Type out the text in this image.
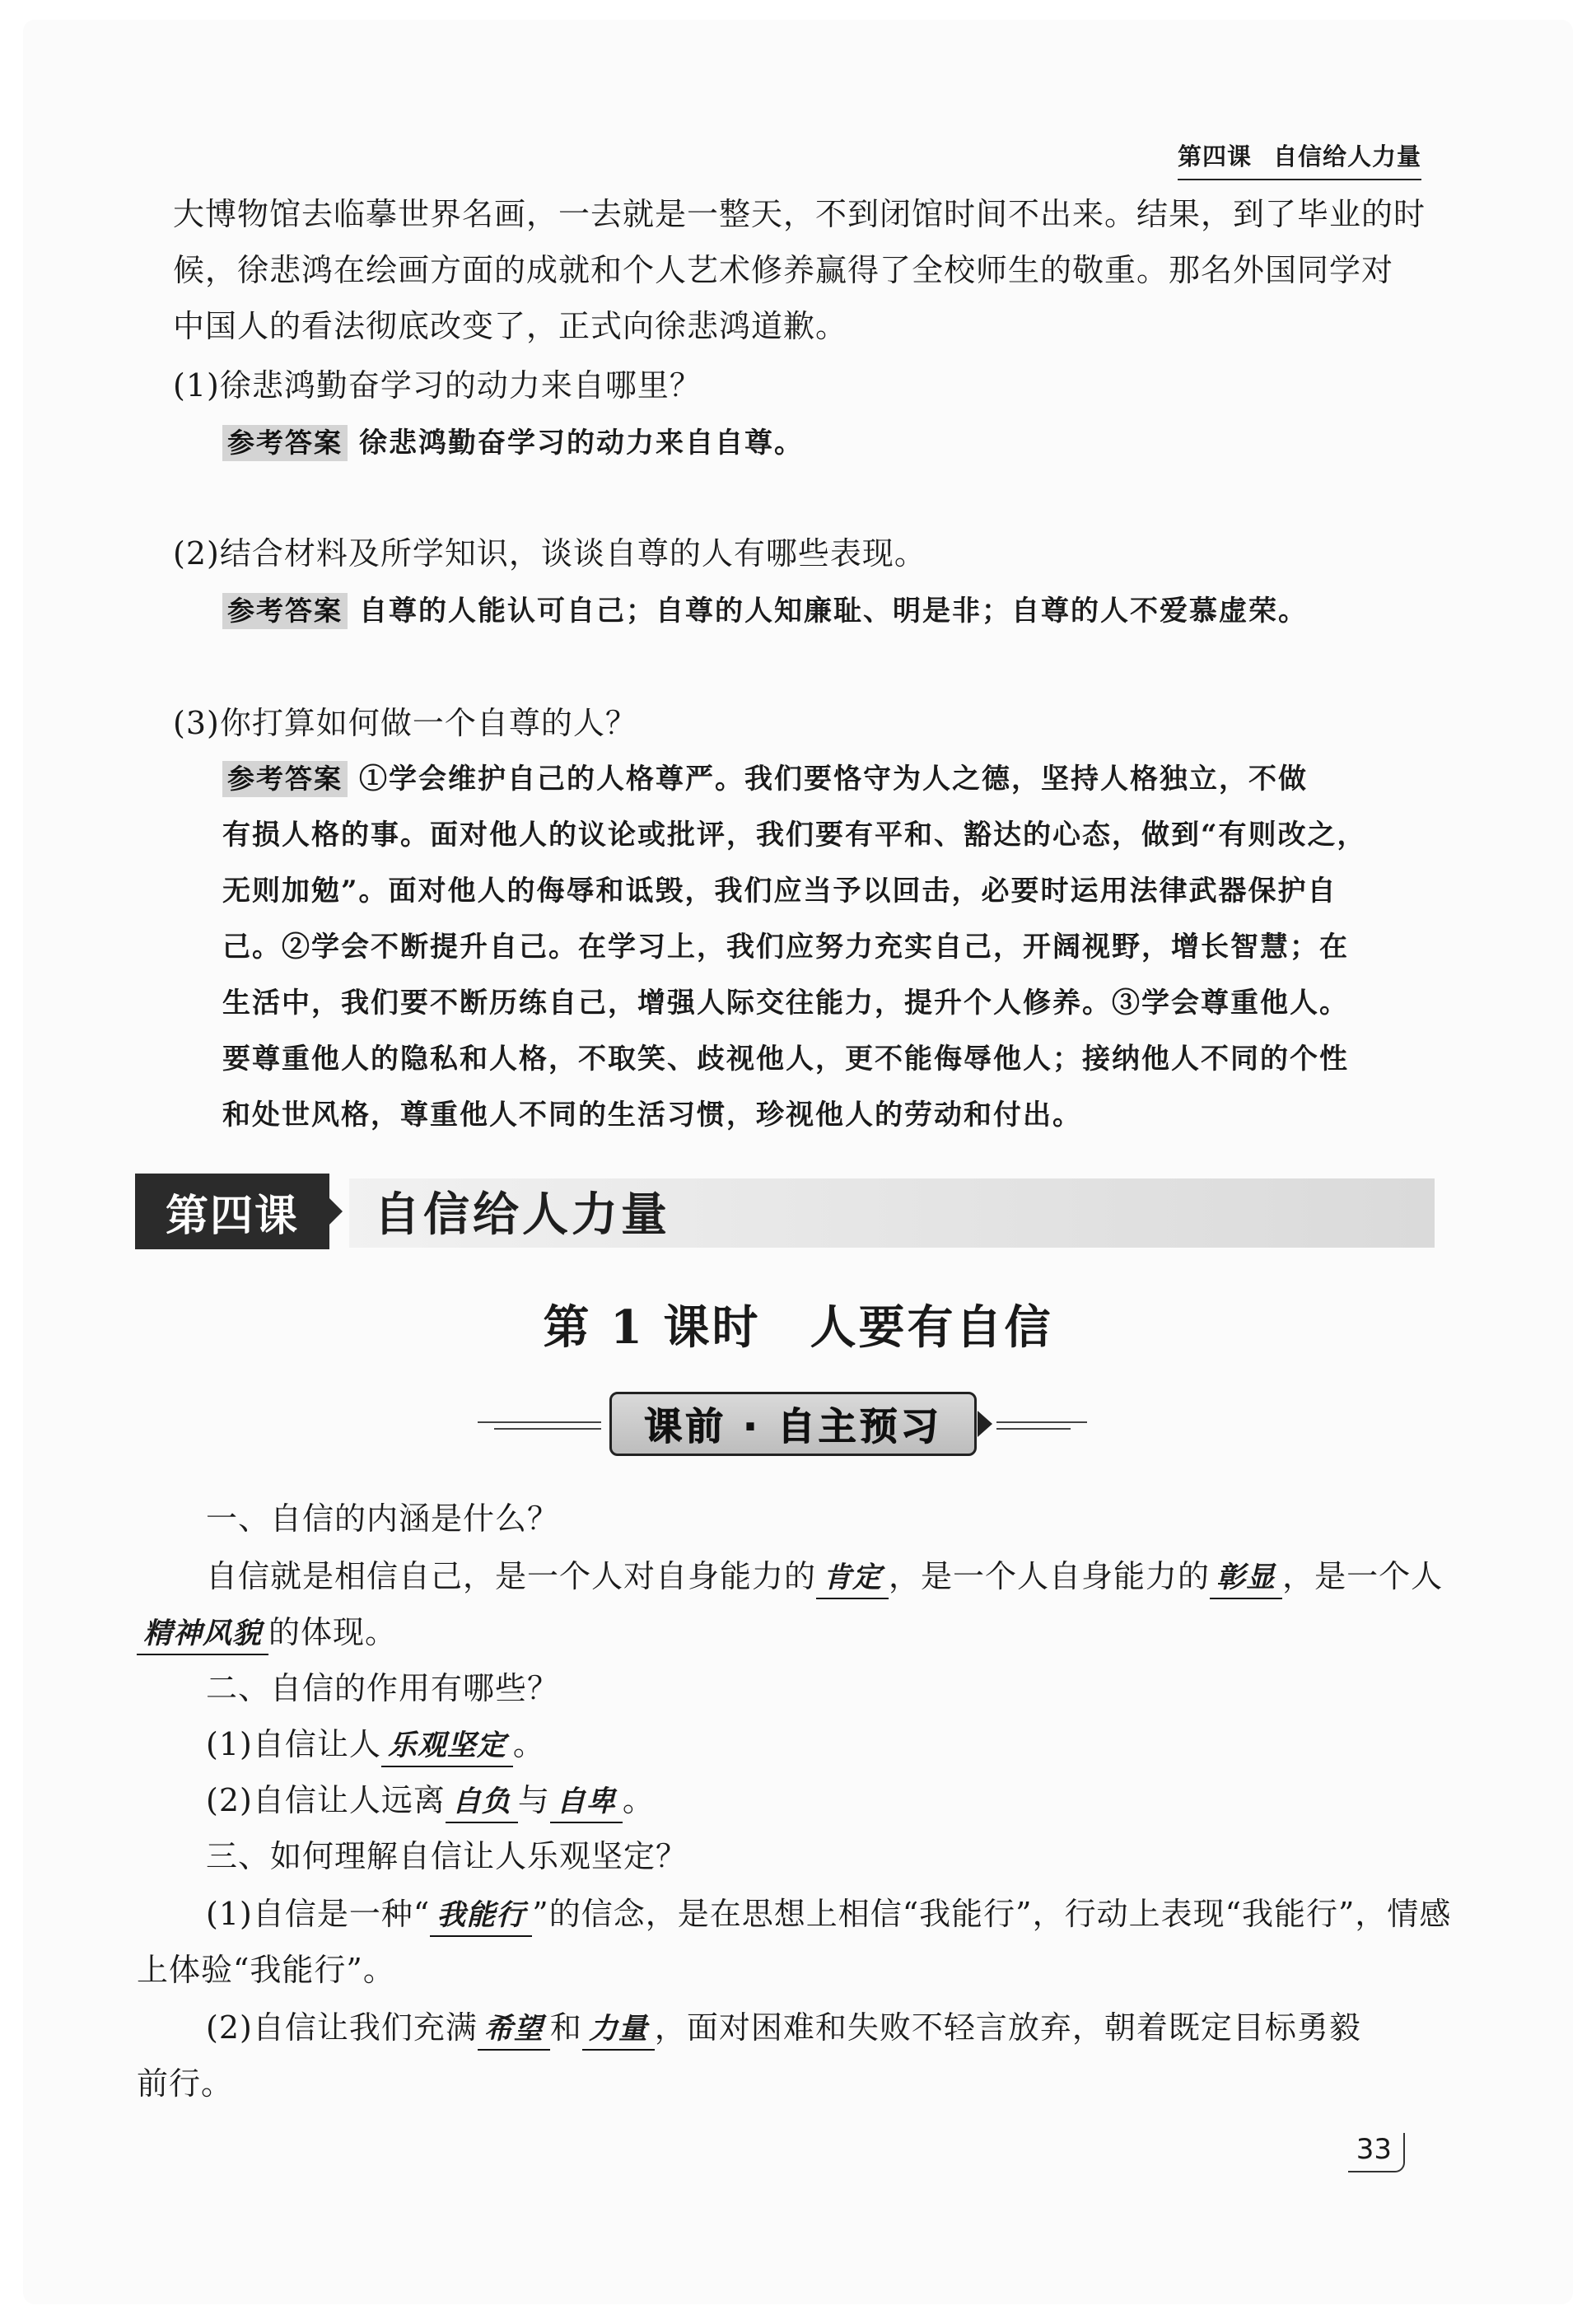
第四课 自信给人力量
大博物馆去临摹世界名画，一去就是一整天，不到闭馆时间不出来。结果，到了毕业的时
候，徐悲鸿在绘画方面的成就和个人艺术修养赢得了全校师生的敬重。那名外国同学对
中国人的看法彻底改变了，正式向徐悲鸿道歉。
(1)徐悲鸿勤奋学习的动力来自哪里？
参考答案 徐悲鸿勤奋学习的动力来自自尊。
(2)结合材料及所学知识，谈谈自尊的人有哪些表现。
参考答案 自尊的人能认可自己；自尊的人知廉耻、明是非；自尊的人不爱慕虚荣。
(3)你打算如何做一个自尊的人？
参考答案 ①学会维护自己的人格尊严。我们要恪守为人之德，坚持人格独立，不做
有损人格的事。面对他人的议论或批评，我们要有平和、豁达的心态，做到“有则改之，
无则加勉”。面对他人的侮辱和诋毁，我们应当予以回击，必要时运用法律武器保护自
己。②学会不断提升自己。在学习上，我们应努力充实自己，开阔视野，增长智慧；在
生活中，我们要不断历练自己，增强人际交往能力，提升个人修养。③学会尊重他人。
要尊重他人的隐私和人格，不取笑、歧视他人，更不能侮辱他人；接纳他人不同的个性
和处世风格，尊重他人不同的生活习惯，珍视他人的劳动和付出。
第四课	自信给人力量
第 1 课时 人要有自信
课前 · 自主预习
一、自信的内涵是什么？
自信就是相信自己，是一个人对自身能力的 肯定 ，是一个人自身能力的 彰显 ，是一个人
精神风貌 的体现。
二、自信的作用有哪些？
(1)自信让人 乐观坚定 。
(2)自信让人远离 自负 与 自卑 。
三、如何理解自信让人乐观坚定？
(1)自信是一种“ 我能行 ”的信念，是在思想上相信“我能行”，行动上表现“我能行”，情感
上体验“我能行”。
(2)自信让我们充满 希望 和 力量 ，面对困难和失败不轻言放弃，朝着既定目标勇毅
前行。
33
